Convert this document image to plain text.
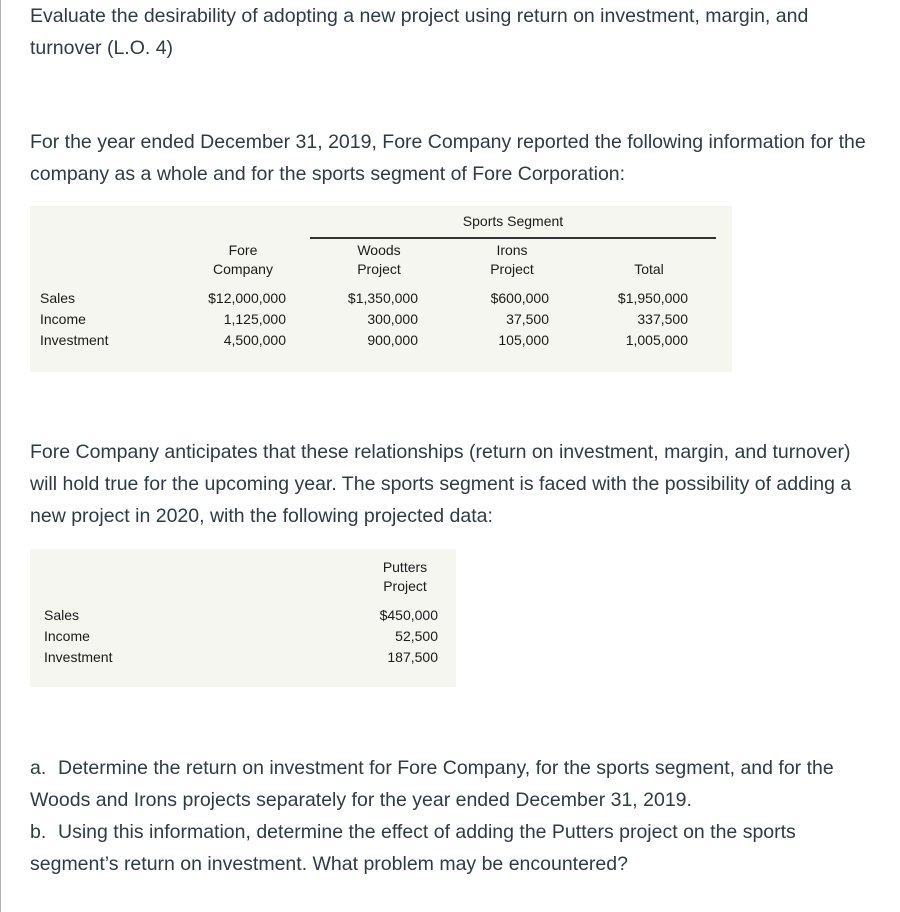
Evaluate the desirability of adopting a new project using return on investment, margin, and turnover (L.O. 4)

For the year ended December 31, 2019, Fore Company reported the following information for the company as a whole and for the sports segment of Fore Corporation:

Sports Segment
Fore
Company
Woods
Project
Irons
Project	Total
Sales
Income
Investment
$12,000,000
1,125,000
4,500,000
$1,350,000
300,000
900,000
$600,000
37,500
105,000
$1,950,000
337,500
1,005,000

Fore Company anticipates that these relationships (return on investment, margin, and turnover) will hold true for the upcoming year. The sports segment is faced with the possibility of adding a new project in 2020, with the following projected data:

Putters
Project
Sales
Income
Investment
$450,000
52,500
187,500

a. Determine the return on investment for Fore Company, for the sports segment, and for the Woods and Irons projects separately for the year ended December 31, 2019.
b. Using this information, determine the effect of adding the Putters project on the sports segment’s return on investment. What problem may be encountered?
